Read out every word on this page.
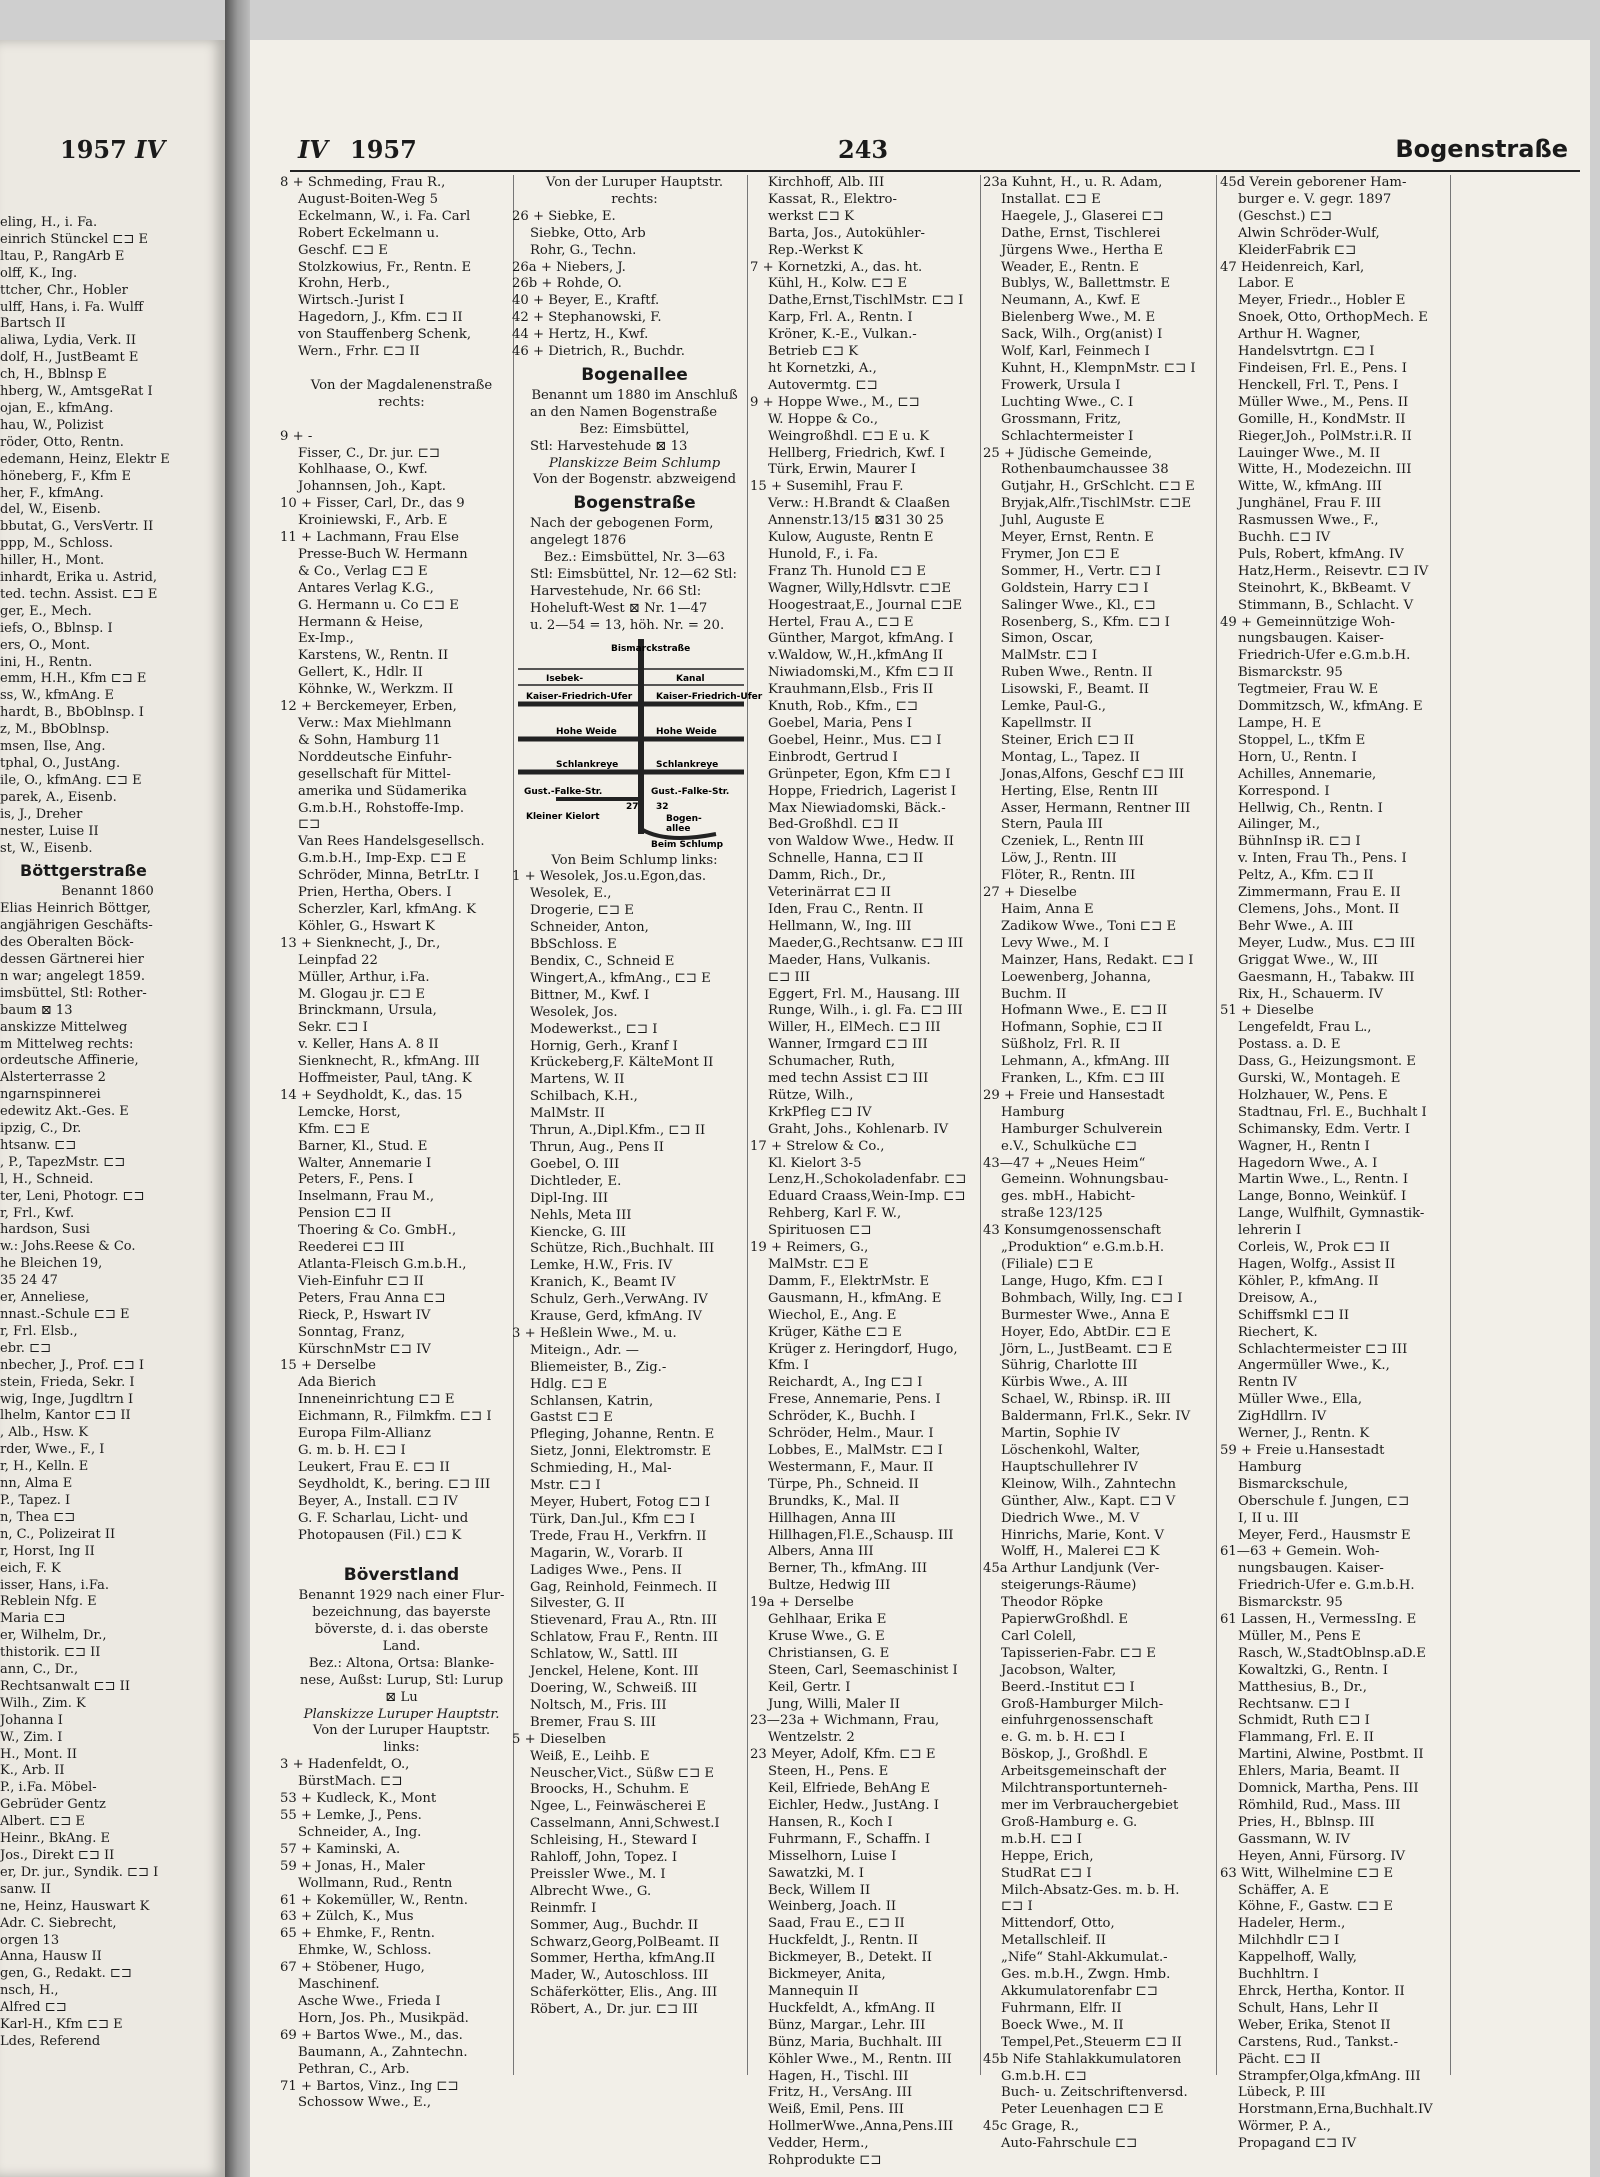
1957 IV
eling, H., i. Fa.
einrich Stünckel ⊏⊐ E
ltau, P., RangArb E
olff, K., Ing.
ttcher, Chr., Hobler
ulff, Hans, i. Fa. Wulff
Bartsch II
aliwa, Lydia, Verk. II
dolf, H., JustBeamt E
ch, H., Bblnsp E
hberg, W., AmtsgeRat I
ojan, E., kfmAng.
hau, W., Polizist
röder, Otto, Rentn.
edemann, Heinz, Elektr E
höneberg, F., Kfm E
her, F., kfmAng.
del, W., Eisenb.
bbutat, G., VersVertr. II
ppp, M., Schloss.
hiller, H., Mont.
inhardt, Erika u. Astrid,
ted. techn. Assist. ⊏⊐ E
ger, E., Mech.
iefs, O., Bblnsp. I
ers, O., Mont.
ini, H., Rentn.
emm, H.H., Kfm ⊏⊐ E
ss, W., kfmAng. E
hardt, B., BbOblnsp. I
z, M., BbOblnsp.
msen, Ilse, Ang.
tphal, O., JustAng.
ile, O., kfmAng. ⊏⊐ E
parek, A., Eisenb.
is, J., Dreher
nester, Luise II
st, W., Eisenb.
Böttgerstraße
Benannt 1860
Elias Heinrich Böttger,
angjährigen Geschäfts-
des Oberalten Böck-
dessen Gärtnerei hier
n war; angelegt 1859.
imsbüttel, Stl: Rother-
baum ⊠ 13
anskizze Mittelweg
m Mittelweg rechts:
ordeutsche Affinerie,
Alsterterrasse 2
ngarnspinnerei
edewitz Akt.-Ges. E
ipzig, C., Dr.
htsanw. ⊏⊐
, P., TapezMstr. ⊏⊐
l, H., Schneid.
ter, Leni, Photogr. ⊏⊐
r, Frl., Kwf.
hardson, Susi
w.: Johs.Reese & Co.
he Bleichen 19,
35 24 47
er, Anneliese,
nnast.-Schule ⊏⊐ E
r, Frl. Elsb.,
ebr. ⊏⊐
nbecher, J., Prof. ⊏⊐ I
stein, Frieda, Sekr. I
wig, Inge, Jugdltrn I
lhelm, Kantor ⊏⊐ II
, Alb., Hsw. K
rder, Wwe., F., I
r, H., Kelln. E
nn, Alma E
P., Tapez. I
n, Thea ⊏⊐
n, C., Polizeirat II
r, Horst, Ing II
eich, F. K
isser, Hans, i.Fa.
Reblein Nfg. E
Maria ⊏⊐
er, Wilhelm, Dr.,
thistorik. ⊏⊐ II
ann, C., Dr.,
Rechtsanwalt ⊏⊐ II
Wilh., Zim. K
Johanna I
W., Zim. I
H., Mont. II
K., Arb. II
P., i.Fa. Möbel-
Gebrüder Gentz
Albert. ⊏⊐ E
Heinr., BkAng. E
Jos., Direkt ⊏⊐ II
er, Dr. jur., Syndik. ⊏⊐ I
sanw. II
ne, Heinz, Hauswart K
Adr. C. Siebrecht,
orgen 13
Anna, Hausw II
gen, G., Redakt. ⊏⊐
nsch, H.,
Alfred ⊏⊐
Karl-H., Kfm ⊏⊐ E
Ldes, Referend
IV 1957	243	Bogenstraße
8 + Schmeding, Frau R.,
August-Boiten-Weg 5
Eckelmann, W., i. Fa. Carl
Robert Eckelmann u.
Geschf. ⊏⊐ E
Stolzkowius, Fr., Rentn. E
Krohn, Herb.,
Wirtsch.-Jurist I
Hagedorn, J., Kfm. ⊏⊐ II
von Stauffenberg Schenk,
Wern., Frhr. ⊏⊐ II

Von der Magdalenenstraße
rechts:

9 + -
Fisser, C., Dr. jur. ⊏⊐
Kohlhaase, O., Kwf.
Johannsen, Joh., Kapt.
10 + Fisser, Carl, Dr., das 9
Kroiniewski, F., Arb. E
11 + Lachmann, Frau Else
Presse-Buch W. Hermann
& Co., Verlag ⊏⊐ E
Antares Verlag K.G.,
G. Hermann u. Co ⊏⊐ E
Hermann & Heise,
Ex-Imp.,
Karstens, W., Rentn. II
Gellert, K., Hdlr. II
Köhnke, W., Werkzm. II
12 + Berckemeyer, Erben,
Verw.: Max Miehlmann
& Sohn, Hamburg 11
Norddeutsche Einfuhr-
gesellschaft für Mittel-
amerika und Südamerika
G.m.b.H., Rohstoffe-Imp.
⊏⊐
Van Rees Handelsgesellsch.
G.m.b.H., Imp-Exp. ⊏⊐ E
Schröder, Minna, BetrLtr. I
Prien, Hertha, Obers. I
Scherzler, Karl, kfmAng. K
Köhler, G., Hswart K
13 + Sienknecht, J., Dr.,
Leinpfad 22
Müller, Arthur, i.Fa.
M. Glogau jr. ⊏⊐ E
Brinckmann, Ursula,
Sekr. ⊏⊐ I
v. Keller, Hans A. 8 II
Sienknecht, R., kfmAng. III
Hoffmeister, Paul, tAng. K
14 + Seydholdt, K., das. 15
Lemcke, Horst,
Kfm. ⊏⊐ E
Barner, Kl., Stud. E
Walter, Annemarie I
Peters, F., Pens. I
Inselmann, Frau M.,
Pension ⊏⊐ II
Thoering & Co. GmbH.,
Reederei ⊏⊐ III
Atlanta-Fleisch G.m.b.H.,
Vieh-Einfuhr ⊏⊐ II
Peters, Frau Anna ⊏⊐
Rieck, P., Hswart IV
Sonntag, Franz,
KürschnMstr ⊏⊐ IV
15 + Derselbe
Ada Bierich
Inneneinrichtung ⊏⊐ E
Eichmann, R., Filmkfm. ⊏⊐ I
Europa Film-Allianz
G. m. b. H. ⊏⊐ I
Leukert, Frau E. ⊏⊐ II
Seydholdt, K., bering. ⊏⊐ III
Beyer, A., Install. ⊏⊐ IV
G. F. Scharlau, Licht- und
Photopausen (Fil.) ⊏⊐ K

Böverstland
Benannt 1929 nach einer Flur-
bezeichnung, das bayerste
böverste, d. i. das oberste
Land.
Bez.: Altona, Ortsa: Blanke-
nese, Außst: Lurup, Stl: Lurup
⊠ Lu
Planskizze Luruper Hauptstr.
Von der Luruper Hauptstr.
links:
3 + Hadenfeldt, O.,
BürstMach. ⊏⊐
53 + Kudleck, K., Mont
55 + Lemke, J., Pens.
Schneider, A., Ing.
57 + Kaminski, A.
59 + Jonas, H., Maler
Wollmann, Rud., Rentn
61 + Kokemüller, W., Rentn.
63 + Zülch, K., Mus
65 + Ehmke, F., Rentn.
Ehmke, W., Schloss.
67 + Stöbener, Hugo,
Maschinenf.
Asche Wwe., Frieda I
Horn, Jos. Ph., Musikpäd.
69 + Bartos Wwe., M., das.
Baumann, A., Zahntechn.
Pethran, C., Arb.
71 + Bartos, Vinz., Ing ⊏⊐
Schossow Wwe., E.,
Von der Luruper Hauptstr.
rechts:
26 + Siebke, E.
Siebke, Otto, Arb
Rohr, G., Techn.
26a + Niebers, J.
26b + Rohde, O.
40 + Beyer, E., Kraftf.
42 + Stephanowski, F.
44 + Hertz, H., Kwf.
46 + Dietrich, R., Buchdr.
Bogenallee
Benannt um 1880 im Anschluß
an den Namen Bogenstraße
Bez: Eimsbüttel,
Stl: Harvestehude ⊠ 13
Planskizze Beim Schlump
Von der Bogenstr. abzweigend
Bogenstraße
Nach der gebogenen Form,
angelegt 1876
Bez.: Eimsbüttel, Nr. 3—63
Stl: Eimsbüttel, Nr. 12—62 Stl:
Harvestehude, Nr. 66 Stl:
Hoheluft-West ⊠ Nr. 1—47
u. 2—54 = 13, höh. Nr. = 20.
Bismarckstraße
Isebek-	Kanal
Kaiser-Friedrich-Ufer	Kaiser-Friedrich-Ufer
Hohe Weide	Hohe Weide
Schlankreye	Schlankreye
Gust.-Falke-Str.	Gust.-Falke-Str.
Kleiner Kielort
27 32
Bogen-
allee
Beim Schlump
Von Beim Schlump links:
1 + Wesolek, Jos.u.Egon,das.
Wesolek, E.,
Drogerie, ⊏⊐ E
Schneider, Anton,
BbSchloss. E
Bendix, C., Schneid E
Wingert,A., kfmAng., ⊏⊐ E
Bittner, M., Kwf. I
Wesolek, Jos.
Modewerkst., ⊏⊐ I
Hornig, Gerh., Kranf I
Krückeberg,F. KälteMont II
Martens, W. II
Schilbach, K.H.,
MalMstr. II
Thrun, A.,Dipl.Kfm., ⊏⊐ II
Thrun, Aug., Pens II
Goebel, O. III
Dichtleder, E.
Dipl-Ing. III
Nehls, Meta III
Kiencke, G. III
Schütze, Rich.,Buchhalt. III
Lemke, H.W., Fris. IV
Kranich, K., Beamt IV
Schulz, Gerh.,VerwAng. IV
Krause, Gerd, kfmAng. IV
3 + Heßlein Wwe., M. u.
Miteign., Adr. —
Bliemeister, B., Zig.-
Hdlg. ⊏⊐ E
Schlansen, Katrin,
Gastst ⊏⊐ E
Pfleging, Johanne, Rentn. E
Sietz, Jonni, Elektromstr. E
Schmieding, H., Mal-
Mstr. ⊏⊐ I
Meyer, Hubert, Fotog ⊏⊐ I
Türk, Dan.Jul., Kfm ⊏⊐ I
Trede, Frau H., Verkfrn. II
Magarin, W., Vorarb. II
Ladiges Wwe., Pens. II
Gag, Reinhold, Feinmech. II
Silvester, G. II
Stievenard, Frau A., Rtn. III
Schlatow, Frau F., Rentn. III
Schlatow, W., Sattl. III
Jenckel, Helene, Kont. III
Doering, W., Schweiß. III
Noltsch, M., Fris. III
Bremer, Frau S. III
5 + Dieselben
Weiß, E., Leihb. E
Neuscher,Vict., Süßw ⊏⊐ E
Broocks, H., Schuhm. E
Ngee, L., Feinwäscherei E
Casselmann, Anni,Schwest.I
Schleising, H., Steward I
Rahloff, John, Topez. I
Preissler Wwe., M. I
Albrecht Wwe., G.
Reinmfr. I
Sommer, Aug., Buchdr. II
Schwarz,Georg,PolBeamt. II
Sommer, Hertha, kfmAng.II
Mader, W., Autoschloss. III
Schäferkötter, Elis., Ang. III
Röbert, A., Dr. jur. ⊏⊐ III
Kirchhoff, Alb. III
Kassat, R., Elektro-
werkst ⊏⊐ K
Barta, Jos., Autokühler-
Rep.-Werkst K
7 + Kornetzki, A., das. ht.
Kühl, H., Kolw. ⊏⊐ E
Dathe,Ernst,TischlMstr. ⊏⊐ I
Karp, Frl. A., Rentn. I
Kröner, K.-E., Vulkan.-
Betrieb ⊏⊐ K
ht Kornetzki, A.,
Autovermtg. ⊏⊐
9 + Hoppe Wwe., M., ⊏⊐
W. Hoppe & Co.,
Weingroßhdl. ⊏⊐ E u. K
Hellberg, Friedrich, Kwf. I
Türk, Erwin, Maurer I
15 + Susemihl, Frau F.
Verw.: H.Brandt & Claaßen
Annenstr.13/15 ⊠31 30 25
Kulow, Auguste, Rentn E
Hunold, F., i. Fa.
Franz Th. Hunold ⊏⊐ E
Wagner, Willy,Hdlsvtr. ⊏⊐E
Hoogestraat,E., Journal ⊏⊐E
Hertel, Frau A., ⊏⊐ E
Günther, Margot, kfmAng. I
v.Waldow, W.,H.,kfmAng II
Niwiadomski,M., Kfm ⊏⊐ II
Krauhmann,Elsb., Fris II
Knuth, Rob., Kfm., ⊏⊐
Goebel, Maria, Pens I
Goebel, Heinr., Mus. ⊏⊐ I
Einbrodt, Gertrud I
Grünpeter, Egon, Kfm ⊏⊐ I
Hoppe, Friedrich, Lagerist I
Max Niewiadomski, Bäck.-
Bed-Großhdl. ⊏⊐ II
von Waldow Wwe., Hedw. II
Schnelle, Hanna, ⊏⊐ II
Damm, Rich., Dr.,
Veterinärrat ⊏⊐ II
Iden, Frau C., Rentn. II
Hellmann, W., Ing. III
Maeder,G.,Rechtsanw. ⊏⊐ III
Maeder, Hans, Vulkanis.
⊏⊐ III
Eggert, Frl. M., Hausang. III
Runge, Wilh., i. gl. Fa. ⊏⊐ III
Willer, H., ElMech. ⊏⊐ III
Wanner, Irmgard ⊏⊐ III
Schumacher, Ruth,
med techn Assist ⊏⊐ III
Rütze, Wilh.,
KrkPfleg ⊏⊐ IV
Graht, Johs., Kohlenarb. IV
17 + Strelow & Co.,
Kl. Kielort 3-5
Lenz,H.,Schokoladenfabr. ⊏⊐
Eduard Craass,Wein-Imp. ⊏⊐
Rehberg, Karl F. W.,
Spirituosen ⊏⊐
19 + Reimers, G.,
MalMstr. ⊏⊐ E
Damm, F., ElektrMstr. E
Gausmann, H., kfmAng. E
Wiechol, E., Ang. E
Krüger, Käthe ⊏⊐ E
Krüger z. Heringdorf, Hugo,
Kfm. I
Reichardt, A., Ing ⊏⊐ I
Frese, Annemarie, Pens. I
Schröder, K., Buchh. I
Schröder, Helm., Maur. I
Lobbes, E., MalMstr. ⊏⊐ I
Westermann, F., Maur. II
Türpe, Ph., Schneid. II
Brundks, K., Mal. II
Hillhagen, Anna III
Hillhagen,Fl.E.,Schausp. III
Albers, Anna III
Berner, Th., kfmAng. III
Bultze, Hedwig III
19a + Derselbe
Gehlhaar, Erika E
Kruse Wwe., G. E
Christiansen, G. E
Steen, Carl, Seemaschinist I
Keil, Gertr. I
Jung, Willi, Maler II
23—23a + Wichmann, Frau,
Wentzelstr. 2
23 Meyer, Adolf, Kfm. ⊏⊐ E
Steen, H., Pens. E
Keil, Elfriede, BehAng E
Eichler, Hedw., JustAng. I
Hansen, R., Koch I
Fuhrmann, F., Schaffn. I
Misselhorn, Luise I
Sawatzki, M. I
Beck, Willem II
Weinberg, Joach. II
Saad, Frau E., ⊏⊐ II
Huckfeldt, J., Rentn. II
Bickmeyer, B., Detekt. II
Bickmeyer, Anita,
Mannequin II
Huckfeldt, A., kfmAng. II
Bünz, Margar., Lehr. III
Bünz, Maria, Buchhalt. III
Köhler Wwe., M., Rentn. III
Hagen, H., Tischl. III
Fritz, H., VersAng. III
Weiß, Emil, Pens. III
HollmerWwe.,Anna,Pens.III
Vedder, Herm.,
Rohprodukte ⊏⊐
23a Kuhnt, H., u. R. Adam,
Installat. ⊏⊐ E
Haegele, J., Glaserei ⊏⊐
Dathe, Ernst, Tischlerei
Jürgens Wwe., Hertha E
Weader, E., Rentn. E
Bublys, W., Ballettmstr. E
Neumann, A., Kwf. E
Bielenberg Wwe., M. E
Sack, Wilh., Org(anist) I
Wolf, Karl, Feinmech I
Kuhnt, H., KlempnMstr. ⊏⊐ I
Frowerk, Ursula I
Luchting Wwe., C. I
Grossmann, Fritz,
Schlachtermeister I
25 + Jüdische Gemeinde,
Rothenbaumchaussee 38
Gutjahr, H., GrSchlcht. ⊏⊐ E
Bryjak,Alfr.,TischlMstr. ⊏⊐E
Juhl, Auguste E
Meyer, Ernst, Rentn. E
Frymer, Jon ⊏⊐ E
Sommer, H., Vertr. ⊏⊐ I
Goldstein, Harry ⊏⊐ I
Salinger Wwe., Kl., ⊏⊐
Rosenberg, S., Kfm. ⊏⊐ I
Simon, Oscar,
MalMstr. ⊏⊐ I
Ruben Wwe., Rentn. II
Lisowski, F., Beamt. II
Lemke, Paul-G.,
Kapellmstr. II
Steiner, Erich ⊏⊐ II
Montag, L., Tapez. II
Jonas,Alfons, Geschf ⊏⊐ III
Herting, Else, Rentn III
Asser, Hermann, Rentner III
Stern, Paula III
Czeniek, L., Rentn III
Löw, J., Rentn. III
Flöter, R., Rentn. III
27 + Dieselbe
Haim, Anna E
Zadikow Wwe., Toni ⊏⊐ E
Levy Wwe., M. I
Mainzer, Hans, Redakt. ⊏⊐ I
Loewenberg, Johanna,
Buchm. II
Hofmann Wwe., E. ⊏⊐ II
Hofmann, Sophie, ⊏⊐ II
Süßholz, Frl. R. II
Lehmann, A., kfmAng. III
Franken, L., Kfm. ⊏⊐ III
29 + Freie und Hansestadt
Hamburg
Hamburger Schulverein
e.V., Schulküche ⊏⊐
43—47 + „Neues Heim“
Gemeinn. Wohnungsbau-
ges. mbH., Habicht-
straße 123/125
43 Konsumgenossenschaft
„Produktion“ e.G.m.b.H.
(Filiale) ⊏⊐ E
Lange, Hugo, Kfm. ⊏⊐ I
Bohmbach, Willy, Ing. ⊏⊐ I
Burmester Wwe., Anna E
Hoyer, Edo, AbtDir. ⊏⊐ E
Jörn, L., JustBeamt. ⊏⊐ E
Sührig, Charlotte III
Kürbis Wwe., A. III
Schael, W., Rbinsp. iR. III
Baldermann, Frl.K., Sekr. IV
Martin, Sophie IV
Löschenkohl, Walter,
Hauptschullehrer IV
Kleinow, Wilh., Zahntechn
Günther, Alw., Kapt. ⊏⊐ V
Diedrich Wwe., M. V
Hinrichs, Marie, Kont. V
Wolff, H., Malerei ⊏⊐ K
45a Arthur Landjunk (Ver-
steigerungs-Räume)
Theodor Röpke
PapierwGroßhdl. E
Carl Colell,
Tapisserien-Fabr. ⊏⊐ E
Jacobson, Walter,
Beerd.-Institut ⊏⊐ I
Groß-Hamburger Milch-
einfuhrgenossenschaft
e. G. m. b. H. ⊏⊐ I
Böskop, J., Großhdl. E
Arbeitsgemeinschaft der
Milchtransportunterneh-
mer im Verbrauchergebiet
Groß-Hamburg e. G.
m.b.H. ⊏⊐ I
Heppe, Erich,
StudRat ⊏⊐ I
Milch-Absatz-Ges. m. b. H.
⊏⊐ I
Mittendorf, Otto,
Metallschleif. II
„Nife“ Stahl-Akkumulat.-
Ges. m.b.H., Zwgn. Hmb.
Akkumulatorenfabr ⊏⊐
Fuhrmann, Elfr. II
Boeck Wwe., M. II
Tempel,Pet.,Steuerm ⊏⊐ II
45b Nife Stahlakkumulatoren
G.m.b.H. ⊏⊐
Buch- u. Zeitschriftenversd.
Peter Leuenhagen ⊏⊐ E
45c Grage, R.,
Auto-Fahrschule ⊏⊐
45d Verein geborener Ham-
burger e. V. gegr. 1897
(Geschst.) ⊏⊐
Alwin Schröder-Wulf,
KleiderFabrik ⊏⊐
47 Heidenreich, Karl,
Labor. E
Meyer, Friedr.., Hobler E
Snoek, Otto, OrthopMech. E
Arthur H. Wagner,
Handelsvtrtgn. ⊏⊐ I
Findeisen, Frl. E., Pens. I
Henckell, Frl. T., Pens. I
Müller Wwe., M., Pens. II
Gomille, H., KondMstr. II
Rieger,Joh., PolMstr.i.R. II
Lauinger Wwe., M. II
Witte, H., Modezeichn. III
Witte, W., kfmAng. III
Junghänel, Frau F. III
Rasmussen Wwe., F.,
Buchh. ⊏⊐ IV
Puls, Robert, kfmAng. IV
Hatz,Herm., Reisevtr. ⊏⊐ IV
Steinohrt, K., BkBeamt. V
Stimmann, B., Schlacht. V
49 + Gemeinnützige Woh-
nungsbaugen. Kaiser-
Friedrich-Ufer e.G.m.b.H.
Bismarckstr. 95
Tegtmeier, Frau W. E
Dommitzsch, W., kfmAng. E
Lampe, H. E
Stoppel, L., tKfm E
Horn, U., Rentn. I
Achilles, Annemarie,
Korrespond. I
Hellwig, Ch., Rentn. I
Ailinger, M.,
BühnInsp iR. ⊏⊐ I
v. Inten, Frau Th., Pens. I
Peltz, A., Kfm. ⊏⊐ II
Zimmermann, Frau E. II
Clemens, Johs., Mont. II
Behr Wwe., A. III
Meyer, Ludw., Mus. ⊏⊐ III
Griggat Wwe., W., III
Gaesmann, H., Tabakw. III
Rix, H., Schauerm. IV
51 + Dieselbe
Lengefeldt, Frau L.,
Postass. a. D. E
Dass, G., Heizungsmont. E
Gurski, W., Montageh. E
Holzhauer, W., Pens. E
Stadtnau, Frl. E., Buchhalt I
Schimansky, Edm. Vertr. I
Wagner, H., Rentn I
Hagedorn Wwe., A. I
Martin Wwe., L., Rentn. I
Lange, Bonno, Weinküf. I
Lange, Wulfhilt, Gymnastik-
lehrerin I
Corleis, W., Prok ⊏⊐ II
Hagen, Wolfg., Assist II
Köhler, P., kfmAng. II
Dreisow, A.,
Schiffsmkl ⊏⊐ II
Riechert, K.
Schlachtermeister ⊏⊐ III
Angermüller Wwe., K.,
Rentn IV
Müller Wwe., Ella,
ZigHdllrn. IV
Werner, J., Rentn. K
59 + Freie u.Hansestadt
Hamburg
Bismarckschule,
Oberschule f. Jungen, ⊏⊐
I, II u. III
Meyer, Ferd., Hausmstr E
61—63 + Gemein. Woh-
nungsbaugen. Kaiser-
Friedrich-Ufer e. G.m.b.H.
Bismarckstr. 95
61 Lassen, H., VermessIng. E
Müller, M., Pens E
Rasch, W.,StadtOblnsp.aD.E
Kowaltzki, G., Rentn. I
Matthesius, B., Dr.,
Rechtsanw. ⊏⊐ I
Schmidt, Ruth ⊏⊐ I
Flammang, Frl. E. II
Martini, Alwine, Postbmt. II
Ehlers, Maria, Beamt. II
Domnick, Martha, Pens. III
Römhild, Rud., Mass. III
Pries, H., Bblnsp. III
Gassmann, W. IV
Heyen, Anni, Fürsorg. IV
63 Witt, Wilhelmine ⊏⊐ E
Schäffer, A. E
Köhne, F., Gastw. ⊏⊐ E
Hadeler, Herm.,
Milchhdlr ⊏⊐ I
Kappelhoff, Wally,
Buchhltrn. I
Ehrck, Hertha, Kontor. II
Schult, Hans, Lehr II
Weber, Erika, Stenot II
Carstens, Rud., Tankst.-
Pächt. ⊏⊐ II
Strampfer,Olga,kfmAng. III
Lübeck, P. III
Horstmann,Erna,Buchhalt.IV
Wörmer, P. A.,
Propagand ⊏⊐ IV
